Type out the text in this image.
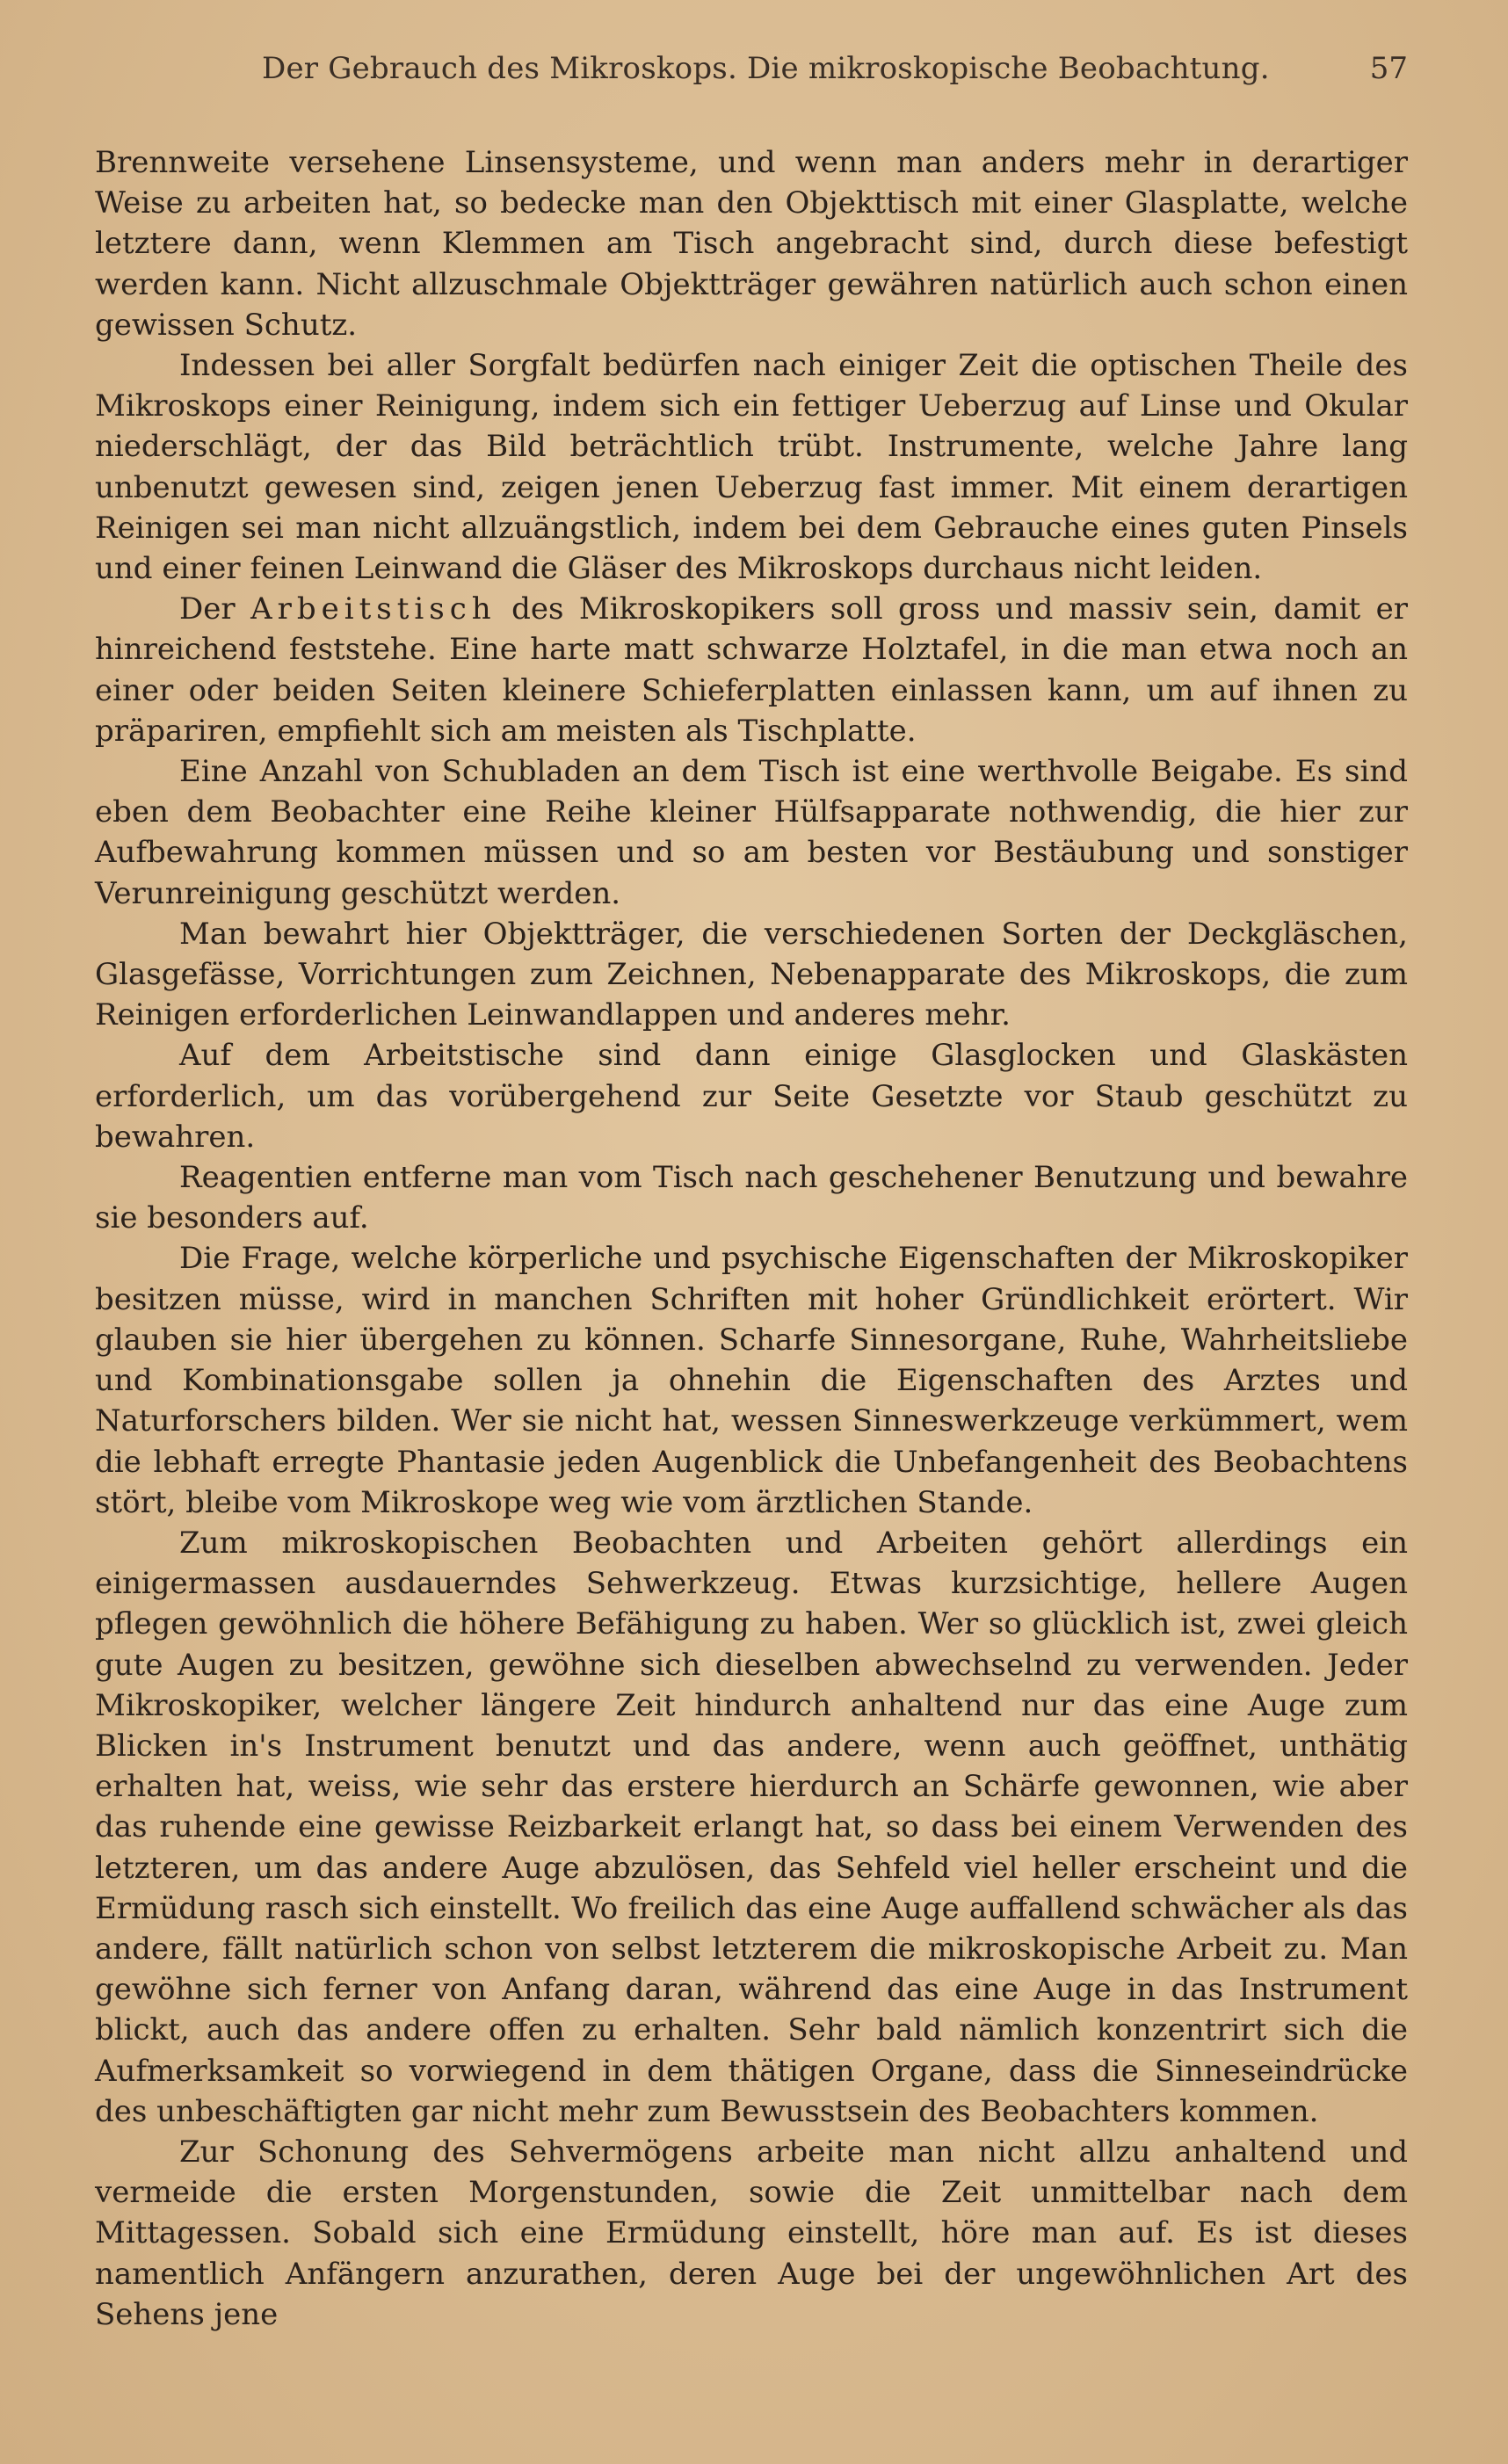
Der Gebrauch des Mikroskops. Die mikroskopische Beobachtung.	57

Brennweite versehene Linsensysteme, und wenn man anders mehr in derartiger Weise zu arbeiten hat, so bedecke man den Objekttisch mit einer Glasplatte, welche letztere dann, wenn Klemmen am Tisch angebracht sind, durch diese befestigt werden kann. Nicht allzuschmale Objektträger gewähren natürlich auch schon einen gewissen Schutz.

Indessen bei aller Sorgfalt bedürfen nach einiger Zeit die optischen Theile des Mikroskops einer Reinigung, indem sich ein fettiger Ueberzug auf Linse und Okular niederschlägt, der das Bild beträchtlich trübt. Instrumente, welche Jahre lang unbenutzt gewesen sind, zeigen jenen Ueberzug fast immer. Mit einem derartigen Reinigen sei man nicht allzuängstlich, indem bei dem Gebrauche eines guten Pinsels und einer feinen Leinwand die Gläser des Mikroskops durchaus nicht leiden.

Der Arbeitstisch des Mikroskopikers soll gross und massiv sein, damit er hinreichend feststehe. Eine harte matt schwarze Holztafel, in die man etwa noch an einer oder beiden Seiten kleinere Schieferplatten einlassen kann, um auf ihnen zu präpariren, empfiehlt sich am meisten als Tischplatte.

Eine Anzahl von Schubladen an dem Tisch ist eine werthvolle Beigabe. Es sind eben dem Beobachter eine Reihe kleiner Hülfsapparate nothwendig, die hier zur Aufbewahrung kommen müssen und so am besten vor Bestäubung und sonstiger Verunreinigung geschützt werden.

Man bewahrt hier Objektträger, die verschiedenen Sorten der Deckgläschen, Glasgefässe, Vorrichtungen zum Zeichnen, Nebenapparate des Mikroskops, die zum Reinigen erforderlichen Leinwandlappen und anderes mehr.

Auf dem Arbeitstische sind dann einige Glasglocken und Glaskästen erforderlich, um das vorübergehend zur Seite Gesetzte vor Staub geschützt zu bewahren.

Reagentien entferne man vom Tisch nach geschehener Benutzung und bewahre sie besonders auf.

Die Frage, welche körperliche und psychische Eigenschaften der Mikroskopiker besitzen müsse, wird in manchen Schriften mit hoher Gründlichkeit erörtert. Wir glauben sie hier übergehen zu können. Scharfe Sinnesorgane, Ruhe, Wahrheitsliebe und Kombinationsgabe sollen ja ohnehin die Eigenschaften des Arztes und Naturforschers bilden. Wer sie nicht hat, wessen Sinneswerkzeuge verkümmert, wem die lebhaft erregte Phantasie jeden Augenblick die Unbefangenheit des Beobachtens stört, bleibe vom Mikroskope weg wie vom ärztlichen Stande.

Zum mikroskopischen Beobachten und Arbeiten gehört allerdings ein einigermassen ausdauerndes Sehwerkzeug. Etwas kurzsichtige, hellere Augen pflegen gewöhnlich die höhere Befähigung zu haben. Wer so glücklich ist, zwei gleich gute Augen zu besitzen, gewöhne sich dieselben abwechselnd zu verwenden. Jeder Mikroskopiker, welcher längere Zeit hindurch anhaltend nur das eine Auge zum Blicken in's Instrument benutzt und das andere, wenn auch geöffnet, unthätig erhalten hat, weiss, wie sehr das erstere hierdurch an Schärfe gewonnen, wie aber das ruhende eine gewisse Reizbarkeit erlangt hat, so dass bei einem Verwenden des letzteren, um das andere Auge abzulösen, das Sehfeld viel heller erscheint und die Ermüdung rasch sich einstellt. Wo freilich das eine Auge auffallend schwächer als das andere, fällt natürlich schon von selbst letzterem die mikroskopische Arbeit zu. Man gewöhne sich ferner von Anfang daran, während das eine Auge in das Instrument blickt, auch das andere offen zu erhalten. Sehr bald nämlich konzentrirt sich die Aufmerksamkeit so vorwiegend in dem thätigen Organe, dass die Sinneseindrücke des unbeschäftigten gar nicht mehr zum Bewusstsein des Beobachters kommen.

Zur Schonung des Sehvermögens arbeite man nicht allzu anhaltend und vermeide die ersten Morgenstunden, sowie die Zeit unmittelbar nach dem Mittagessen. Sobald sich eine Ermüdung einstellt, höre man auf. Es ist dieses namentlich Anfängern anzurathen, deren Auge bei der ungewöhnlichen Art des Sehens jene
